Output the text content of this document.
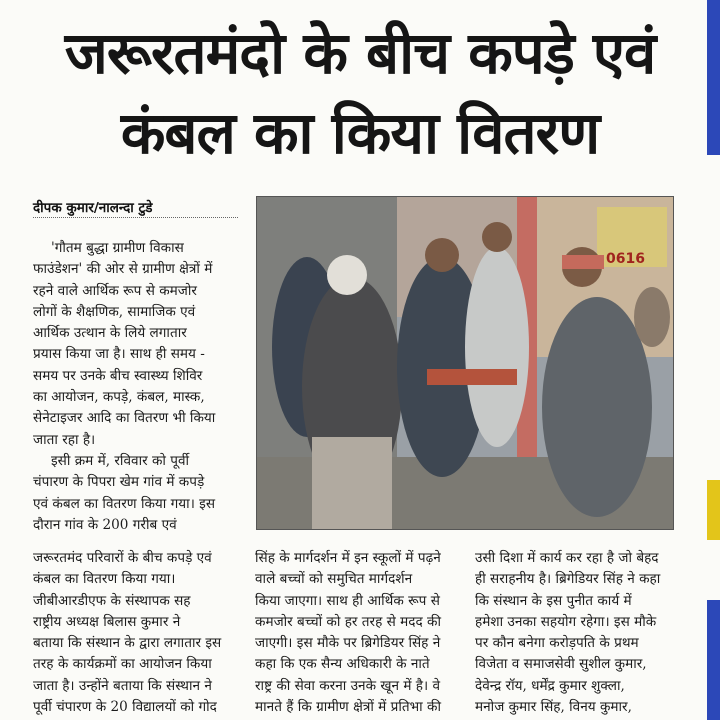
जरूरतमंदो के बीच कपड़े एवं
कंबल का किया वितरण
दीपक कुमार/नालन्दा टुडे
'गौतम बुद्धा ग्रामीण विकास
फाउंडेशन' की ओर से ग्रामीण क्षेत्रों में
रहने वाले आर्थिक रूप से कमजोर
लोगों के शैक्षणिक, सामाजिक एवं
आर्थिक उत्थान के लिये लगातार
प्रयास किया जा है। साथ ही समय -
समय पर उनके बीच स्वास्थ्य शिविर
का आयोजन, कपड़े, कंबल, मास्क,
सेनेटाइजर आदि का वितरण भी किया
जाता रहा है।
इसी क्रम में, रविवार को पूर्वी
चंपारण के पिपरा खेम गांव में कपड़े
एवं कंबल का वितरण किया गया। इस
दौरान गांव के 200 गरीब एवं
जरूरतमंद परिवारों के बीच कपड़े एवं
कंबल का वितरण किया गया।
जीबीआरडीएफ के संस्थापक सह
राष्ट्रीय अध्यक्ष बिलास कुमार ने
बताया कि संस्थान के द्वारा लगातार इस
तरह के कार्यक्रमों का आयोजन किया
जाता है। उन्होंने बताया कि संस्थान ने
पूर्वी चंपारण के 20 विद्यालयों को गोद
सिंह के मार्गदर्शन में इन स्कूलों में पढ़ने
वाले बच्चों को समुचित मार्गदर्शन
किया जाएगा। साथ ही आर्थिक रूप से
कमजोर बच्चों को हर तरह से मदद की
जाएगी। इस मौके पर ब्रिगेडियर सिंह ने
कहा कि एक सैन्य अधिकारी के नाते
राष्ट्र की सेवा करना उनके खून में है। वे
मानते हैं कि ग्रामीण क्षेत्रों में प्रतिभा की
उसी दिशा में कार्य कर रहा है जो बेहद
ही सराहनीय है। ब्रिगेडियर सिंह ने कहा
कि संस्थान के इस पुनीत कार्य में
हमेशा उनका सहयोग रहेगा। इस मौके
पर कौन बनेगा करोड़पति के प्रथम
विजेता व समाजसेवी सुशील कुमार,
देवेन्द्र रॉय, धर्मेंद्र कुमार शुक्ला,
मनोज कुमार सिंह, विनय कुमार,
0616
